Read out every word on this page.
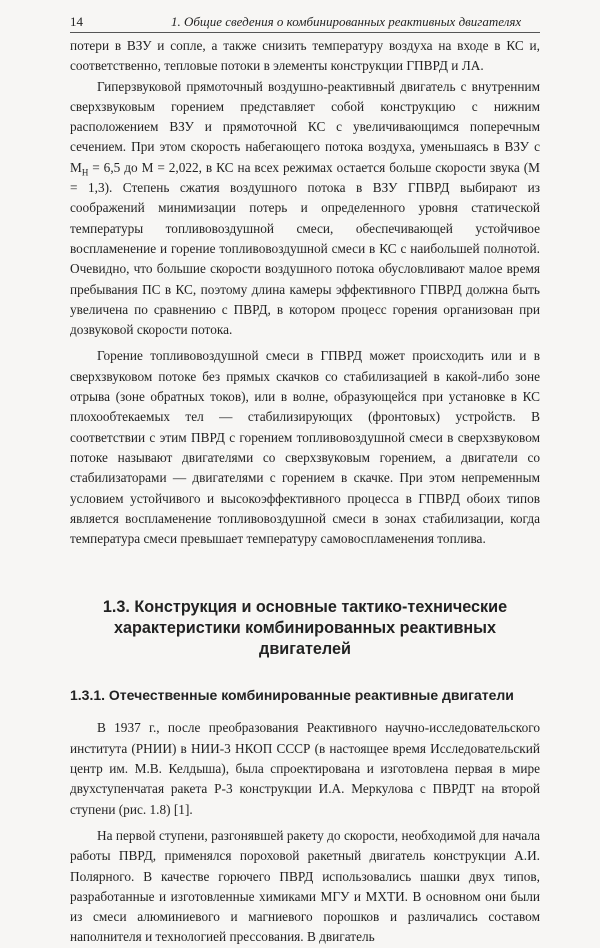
14	1. Общие сведения о комбинированных реактивных двигателях

потери в ВЗУ и сопле, а также снизить температуру воздуха на входе в КС и, соответственно, тепловые потоки в элементы конструкции ГПВРД и ЛА.

Гиперзвуковой прямоточный воздушно-реактивный двигатель с внутренним сверхзвуковым горением представляет собой конструкцию с нижним расположением ВЗУ и прямоточной КС с увеличивающимся поперечным сечением. При этом скорость набегающего потока воздуха, уменьшаясь в ВЗУ с $M_H = 6,5$ до M = 2,022, в КС на всех режимах остается больше скорости звука (M = 1,3). Степень сжатия воздушного потока в ВЗУ ГПВРД выбирают из соображений минимизации потерь и определенного уровня статической температуры топливовоздушной смеси, обеспечивающей устойчивое воспламенение и горение топливовоздушной смеси в КС с наибольшей полнотой. Очевидно, что большие скорости воздушного потока обусловливают малое время пребывания ПС в КС, поэтому длина камеры эффективного ГПВРД должна быть увеличена по сравнению с ПВРД, в котором процесс горения организован при дозвуковой скорости потока.

Горение топливовоздушной смеси в ГПВРД может происходить или и в сверхзвуковом потоке без прямых скачков со стабилизацией в какой-либо зоне отрыва (зоне обратных токов), или в волне, образующейся при установке в КС плохообтекаемых тел — стабилизирующих (фронтовых) устройств. В соответствии с этим ПВРД с горением топливовоздушной смеси в сверхзвуковом потоке называют двигателями со сверхзвуковым горением, а двигатели со стабилизаторами — двигателями с горением в скачке. При этом непременным условием устойчивого и высокоэффективного процесса в ГПВРД обоих типов является воспламенение топливовоздушной смеси в зонах стабилизации, когда температура смеси превышает температуру самовоспламенения топлива.

1.3. Конструкция и основные тактико-технические
характеристики комбинированных реактивных двигателей
1.3.1. Отечественные комбинированные реактивные двигатели

В 1937 г., после преобразования Реактивного научно-исследовательского института (РНИИ) в НИИ-3 НКОП СССР (в настоящее время Исследовательский центр им. М.В. Келдыша), была спроектирована и изготовлена первая в мире двухступенчатая ракета Р-3 конструкции И.А. Меркулова с ПВРДТ на второй ступени (рис. 1.8) [1].

На первой ступени, разгонявшей ракету до скорости, необходимой для начала работы ПВРД, применялся пороховой ракетный двигатель конструкции А.И. Полярного. В качестве горючего ПВРД использовались шашки двух типов, разработанные и изготовленные химиками МГУ и МХТИ. В основном они были из смеси алюминиевого и магниевого порошков и различались составом наполнителя и технологией прессования. В двигатель
